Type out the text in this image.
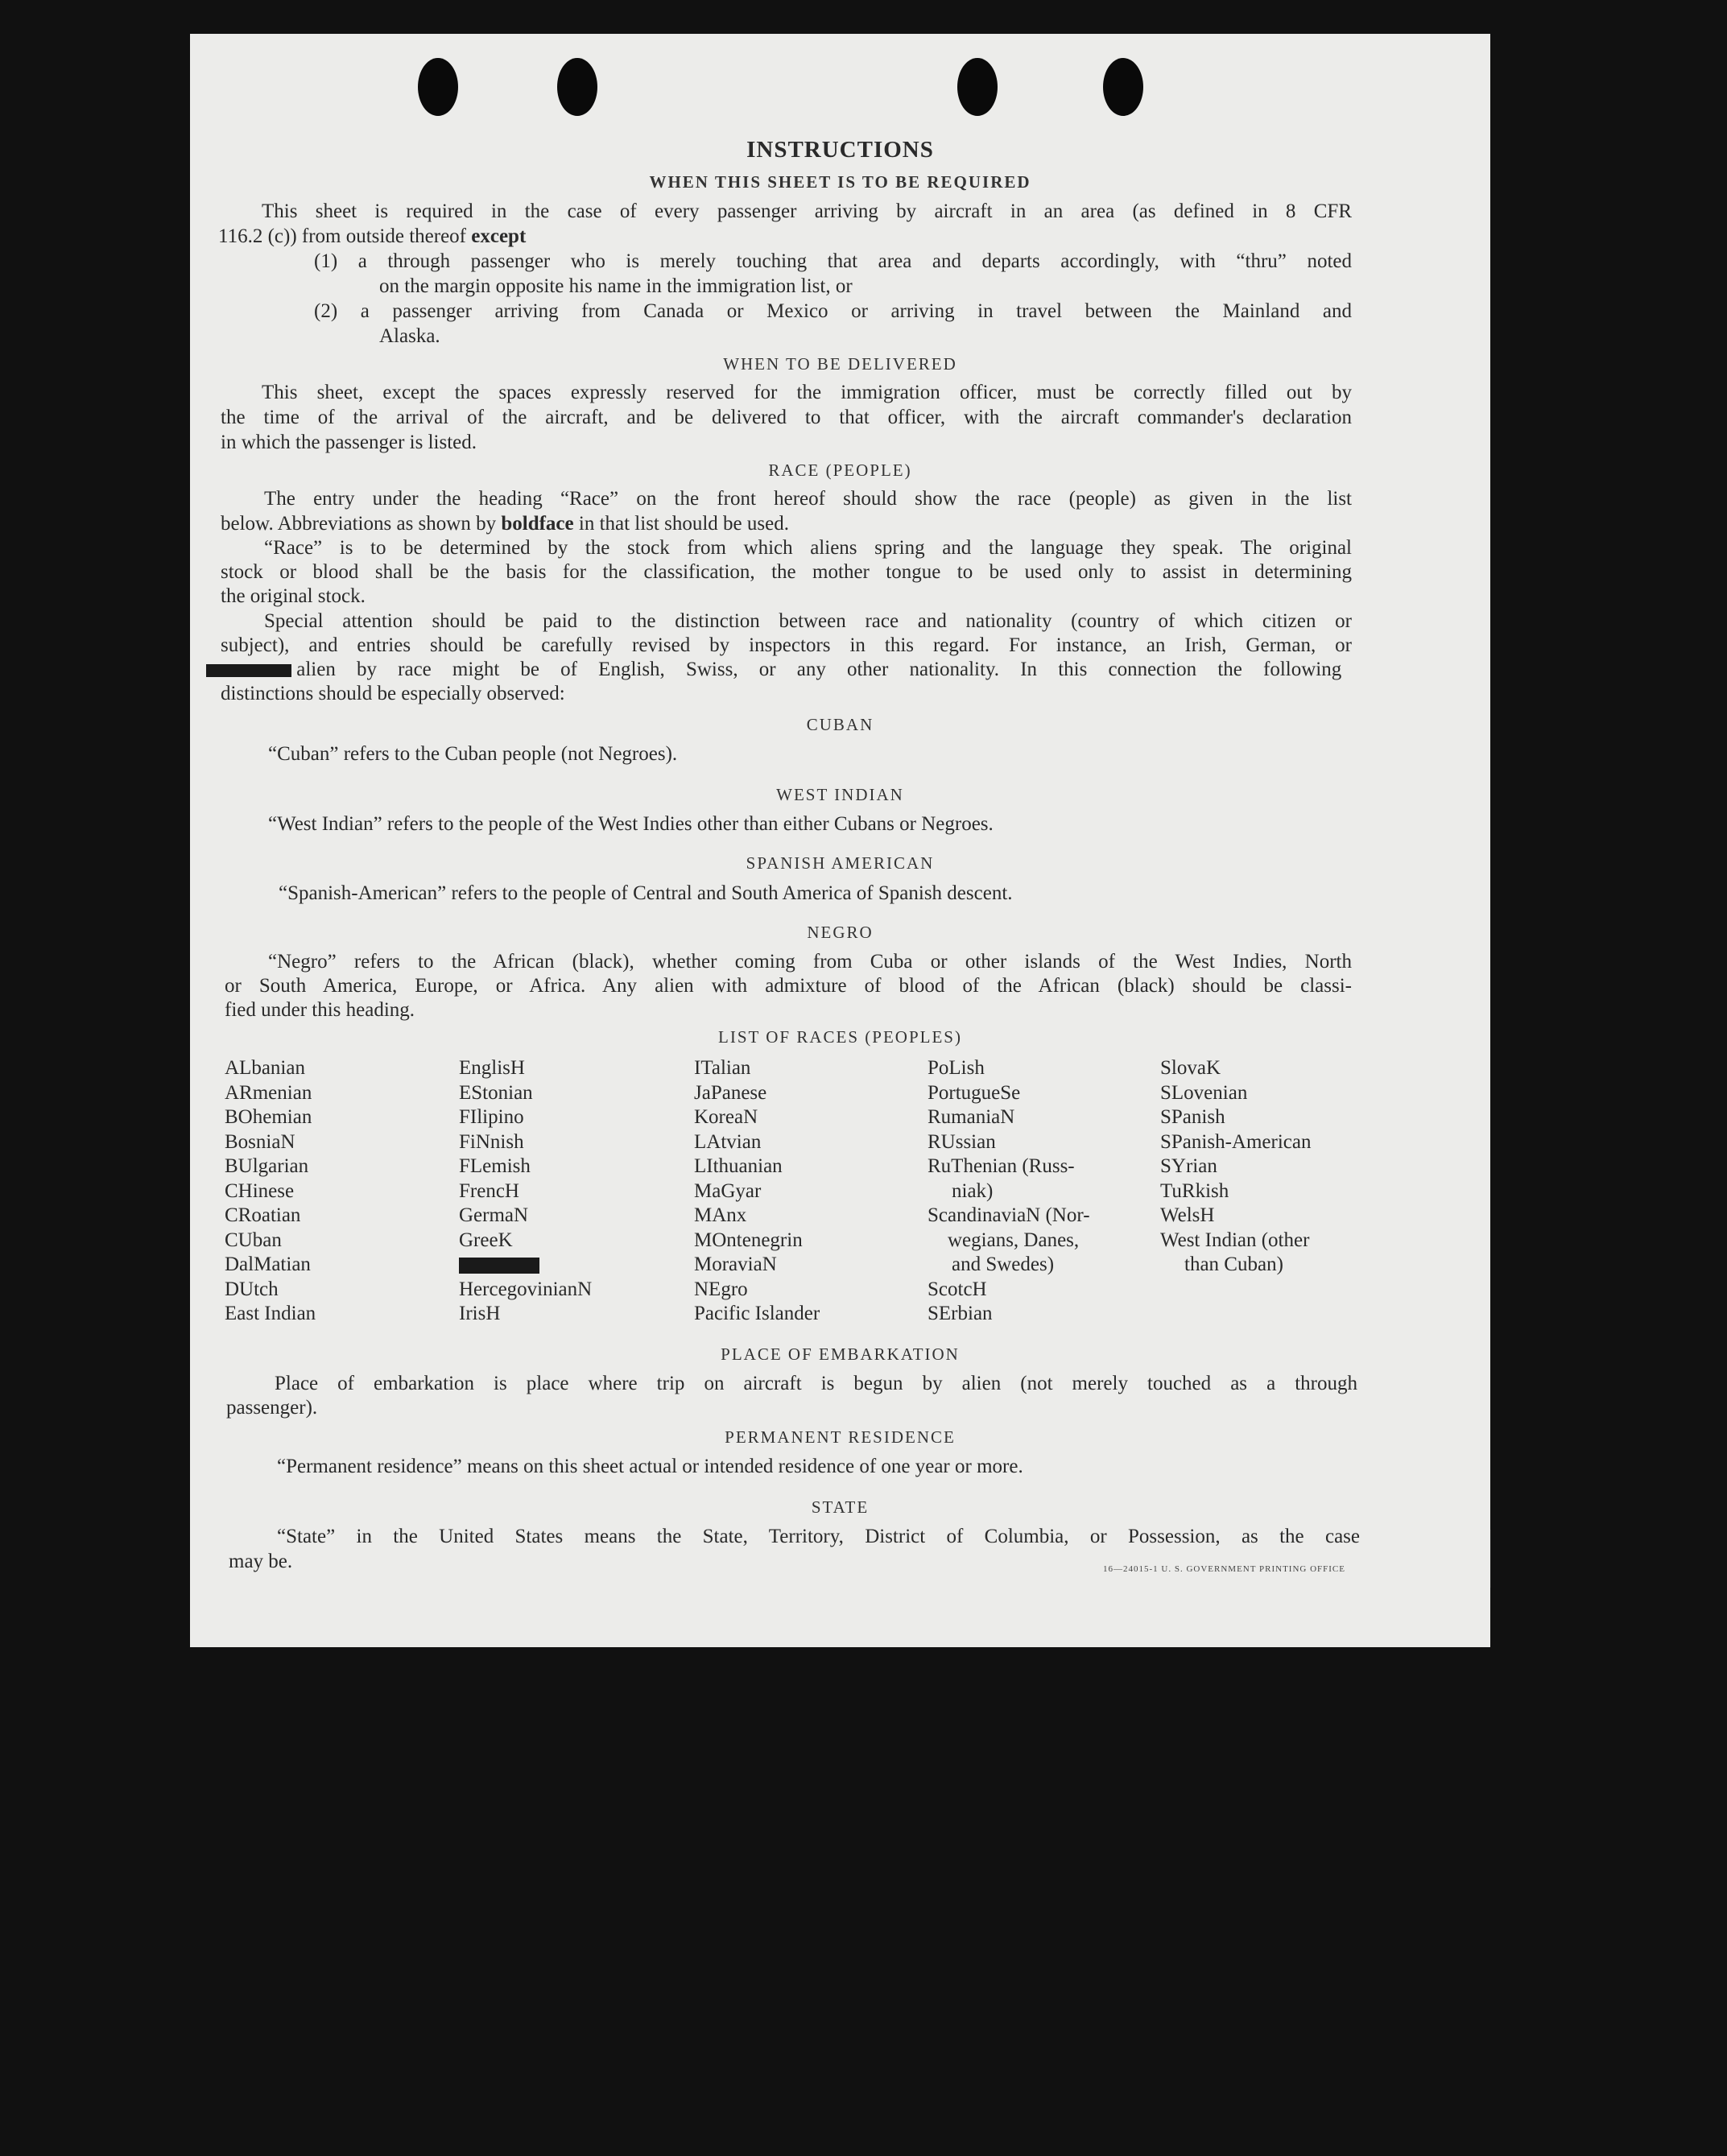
INSTRUCTIONS
WHEN THIS SHEET IS TO BE REQUIRED
This sheet is required in the case of every passenger arriving by aircraft in an area (as defined in 8 CFR
116.2 (c)) from outside thereof except
(1) a through passenger who is merely touching that area and departs accordingly, with “thru” noted
on the margin opposite his name in the immigration list, or
(2) a passenger arriving from Canada or Mexico or arriving in travel between the Mainland and
Alaska.
WHEN TO BE DELIVERED
This sheet, except the spaces expressly reserved for the immigration officer, must be correctly filled out by
the time of the arrival of the aircraft, and be delivered to that officer, with the aircraft commander's declaration
in which the passenger is listed.
RACE (PEOPLE)
The entry under the heading “Race” on the front hereof should show the race (people) as given in the list
below. Abbreviations as shown by boldface in that list should be used.
“Race” is to be determined by the stock from which aliens spring and the language they speak. The original
stock or blood shall be the basis for the classification, the mother tongue to be used only to assist in determining
the original stock.
Special attention should be paid to the distinction between race and nationality (country of which citizen or
subject), and entries should be carefully revised by inspectors in this regard. For instance, an Irish, German, or
alien by race might be of English, Swiss, or any other nationality. In this connection the following
distinctions should be especially observed:
CUBAN
“Cuban” refers to the Cuban people (not Negroes).
WEST INDIAN
“West Indian” refers to the people of the West Indies other than either Cubans or Negroes.
SPANISH AMERICAN
“Spanish-American” refers to the people of Central and South America of Spanish descent.
NEGRO
“Negro” refers to the African (black), whether coming from Cuba or other islands of the West Indies, North
or South America, Europe, or Africa. Any alien with admixture of blood of the African (black) should be classi-
fied under this heading.
LIST OF RACES (PEOPLES)
ALbanian
ARmenian
BOhemian
BosniaN
BUlgarian
CHinese
CRoatian
CUban
DalMatian
DUtch
East Indian
EnglisH
EStonian
FIlipino
FiNnish
FLemish
FrencH
GermaN
GreeK
HercegovinianN
IrisH
ITalian
JaPanese
KoreaN
LAtvian
LIthuanian
MaGyar
MAnx
MOntenegrin
MoraviaN
NEgro
Pacific Islander
PoLish
PortugueSe
RumaniaN
RUssian
RuThenian (Russ-
niak)
ScandinaviaN (Nor-
wegians, Danes,
and Swedes)
ScotcH
SErbian
SlovaK
SLovenian
SPanish
SPanish-American
SYrian
TuRkish
WelsH
West Indian (other
than Cuban)
PLACE OF EMBARKATION
Place of embarkation is place where trip on aircraft is begun by alien (not merely touched as a through
passenger).
PERMANENT RESIDENCE
“Permanent residence” means on this sheet actual or intended residence of one year or more.
STATE
“State” in the United States means the State, Territory, District of Columbia, or Possession, as the case
may be.	16—24015-1 U. S. GOVERNMENT PRINTING OFFICE
